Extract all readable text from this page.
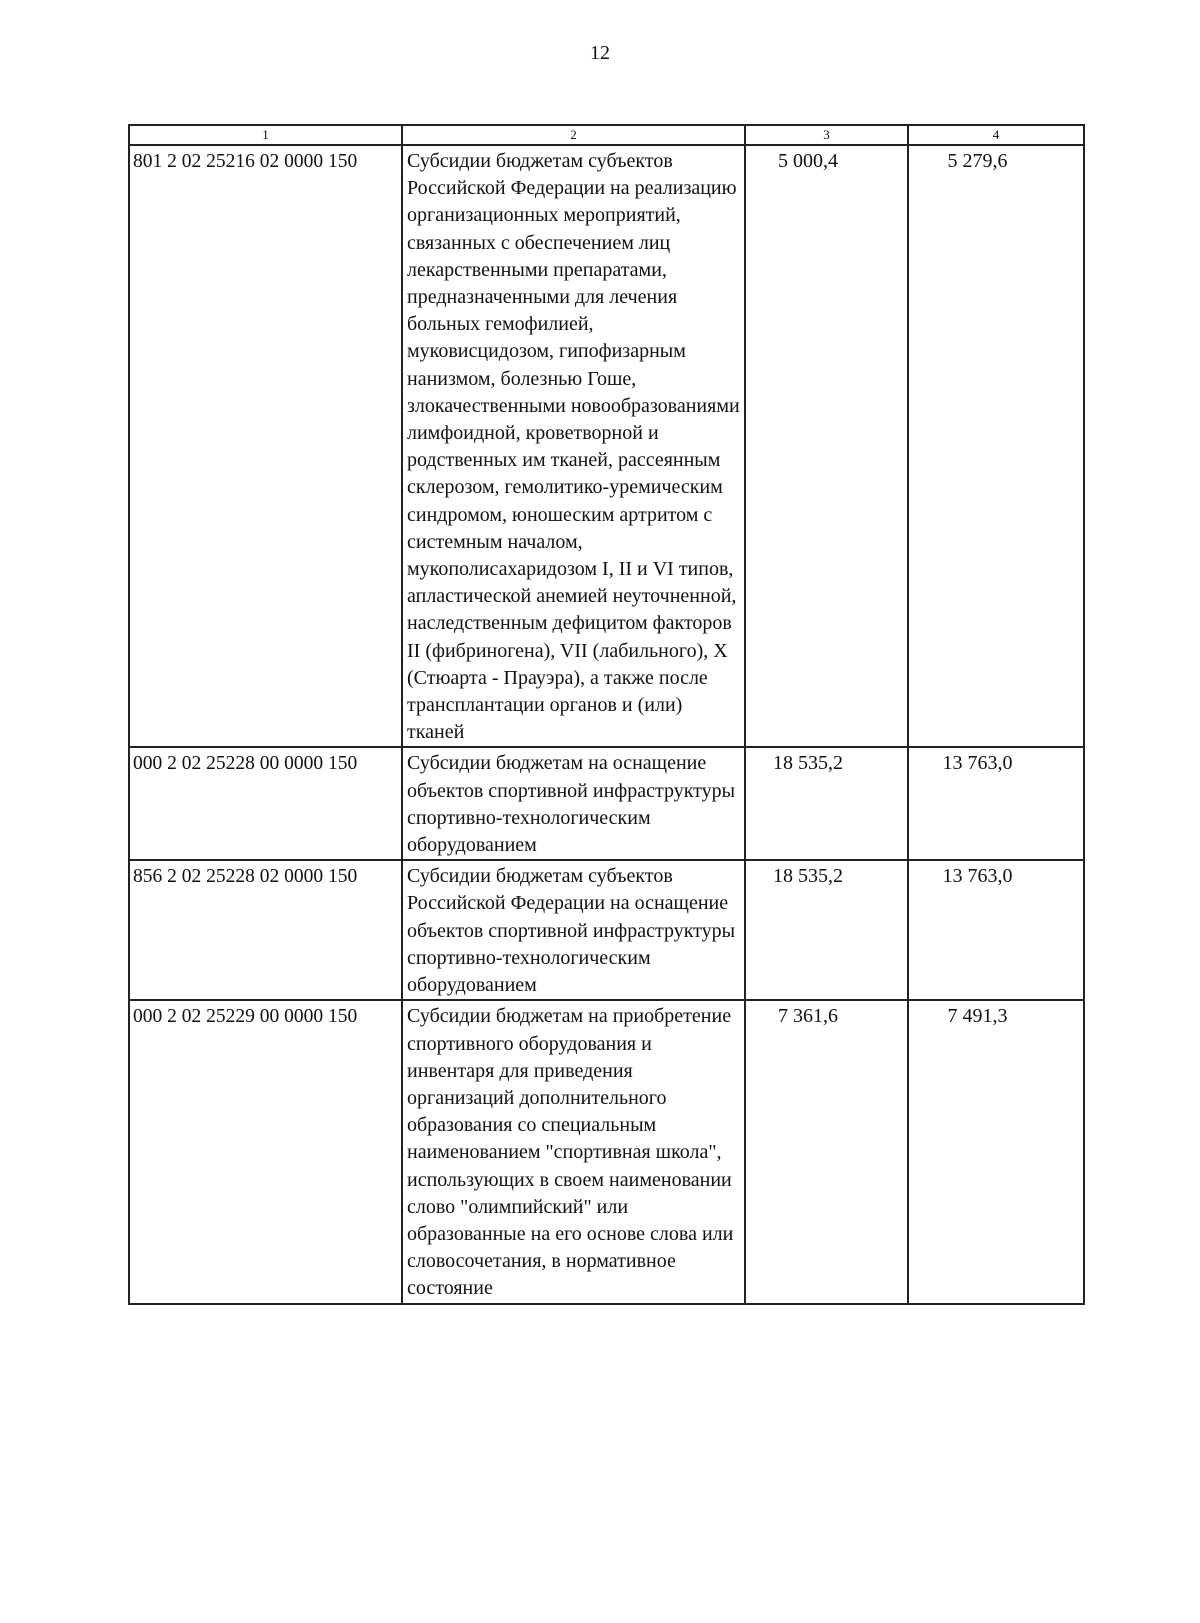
12
1	2	3	4
801 2 02 25216 02 0000 150	Субсидии бюджетам субъектов Российской Федерации на реализацию организационных мероприятий, связанных с обеспечением лиц лекарственными препаратами, предназначенными для лечения больных гемофилией, муковисцидозом, гипофизарным нанизмом, болезнью Гоше, злокачественными новообразованиями лимфоидной, кроветворной и родственных им тканей, рассеянным склерозом, гемолитико-уремическим синдромом, юношеским артритом с системным началом, мукополисахаридозом I, II и VI типов, апластической анемией неуточненной, наследственным дефицитом факторов II (фибриногена), VII (лабильного), X (Стюарта - Прауэра), а также после трансплантации органов и (или) тканей	5 000,4	5 279,6
000 2 02 25228 00 0000 150	Субсидии бюджетам на оснащение объектов спортивной инфраструктуры спортивно-технологическим оборудованием	18 535,2	13 763,0
856 2 02 25228 02 0000 150	Субсидии бюджетам субъектов Российской Федерации на оснащение объектов спортивной инфраструктуры спортивно-технологическим оборудованием	18 535,2	13 763,0
000 2 02 25229 00 0000 150	Субсидии бюджетам на приобретение спортивного оборудования и инвентаря для приведения организаций дополнительного образования со специальным наименованием "спортивная школа", использующих в своем наименовании слово "олимпийский" или образованные на его основе слова или словосочетания, в нормативное состояние	7 361,6	7 491,3
